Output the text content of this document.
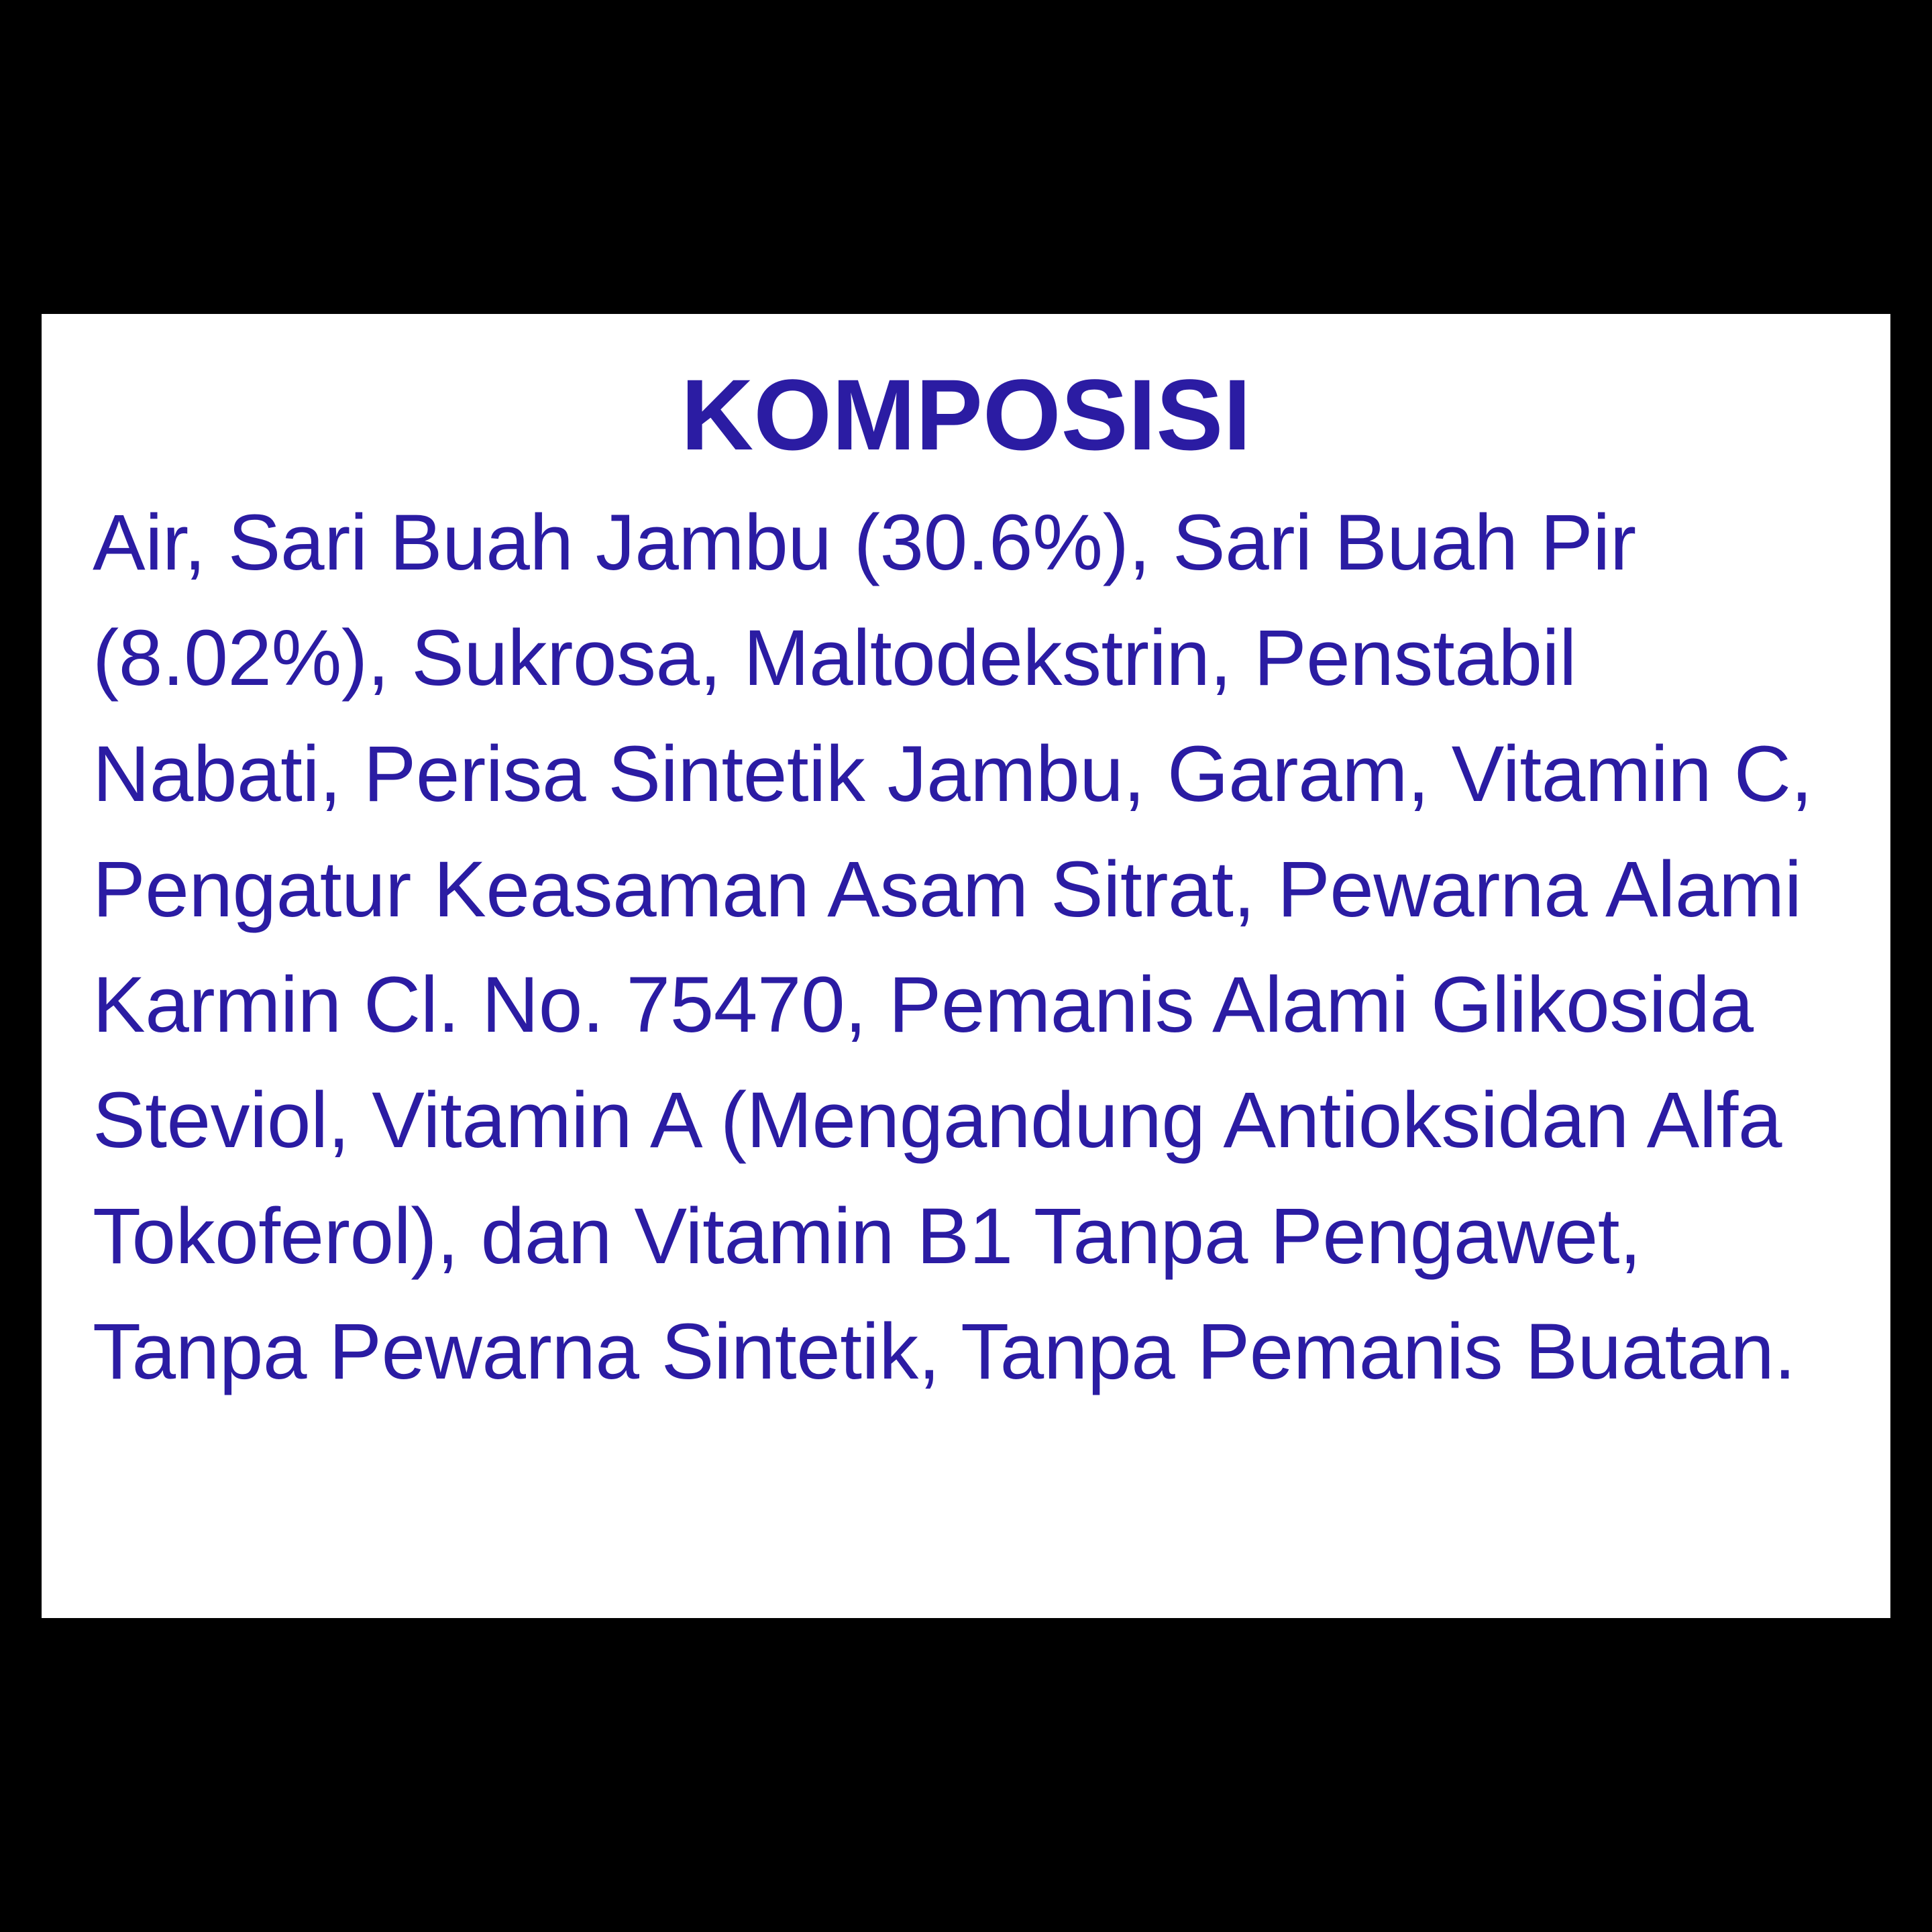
KOMPOSISI
Air, Sari Buah Jambu (30.6%), Sari Buah Pir (8.02%), Sukrosa, Maltodekstrin, Penstabil Nabati, Perisa Sintetik Jambu, Garam, Vitamin C, Pengatur Keasaman Asam Sitrat, Pewarna Alami Karmin Cl. No. 75470, Pemanis Alami Glikosida Steviol, Vitamin A (Mengandung Antioksidan Alfa Tokoferol), dan Vitamin B1 Tanpa Pengawet, Tanpa Pewarna Sintetik, Tanpa Pemanis Buatan.
